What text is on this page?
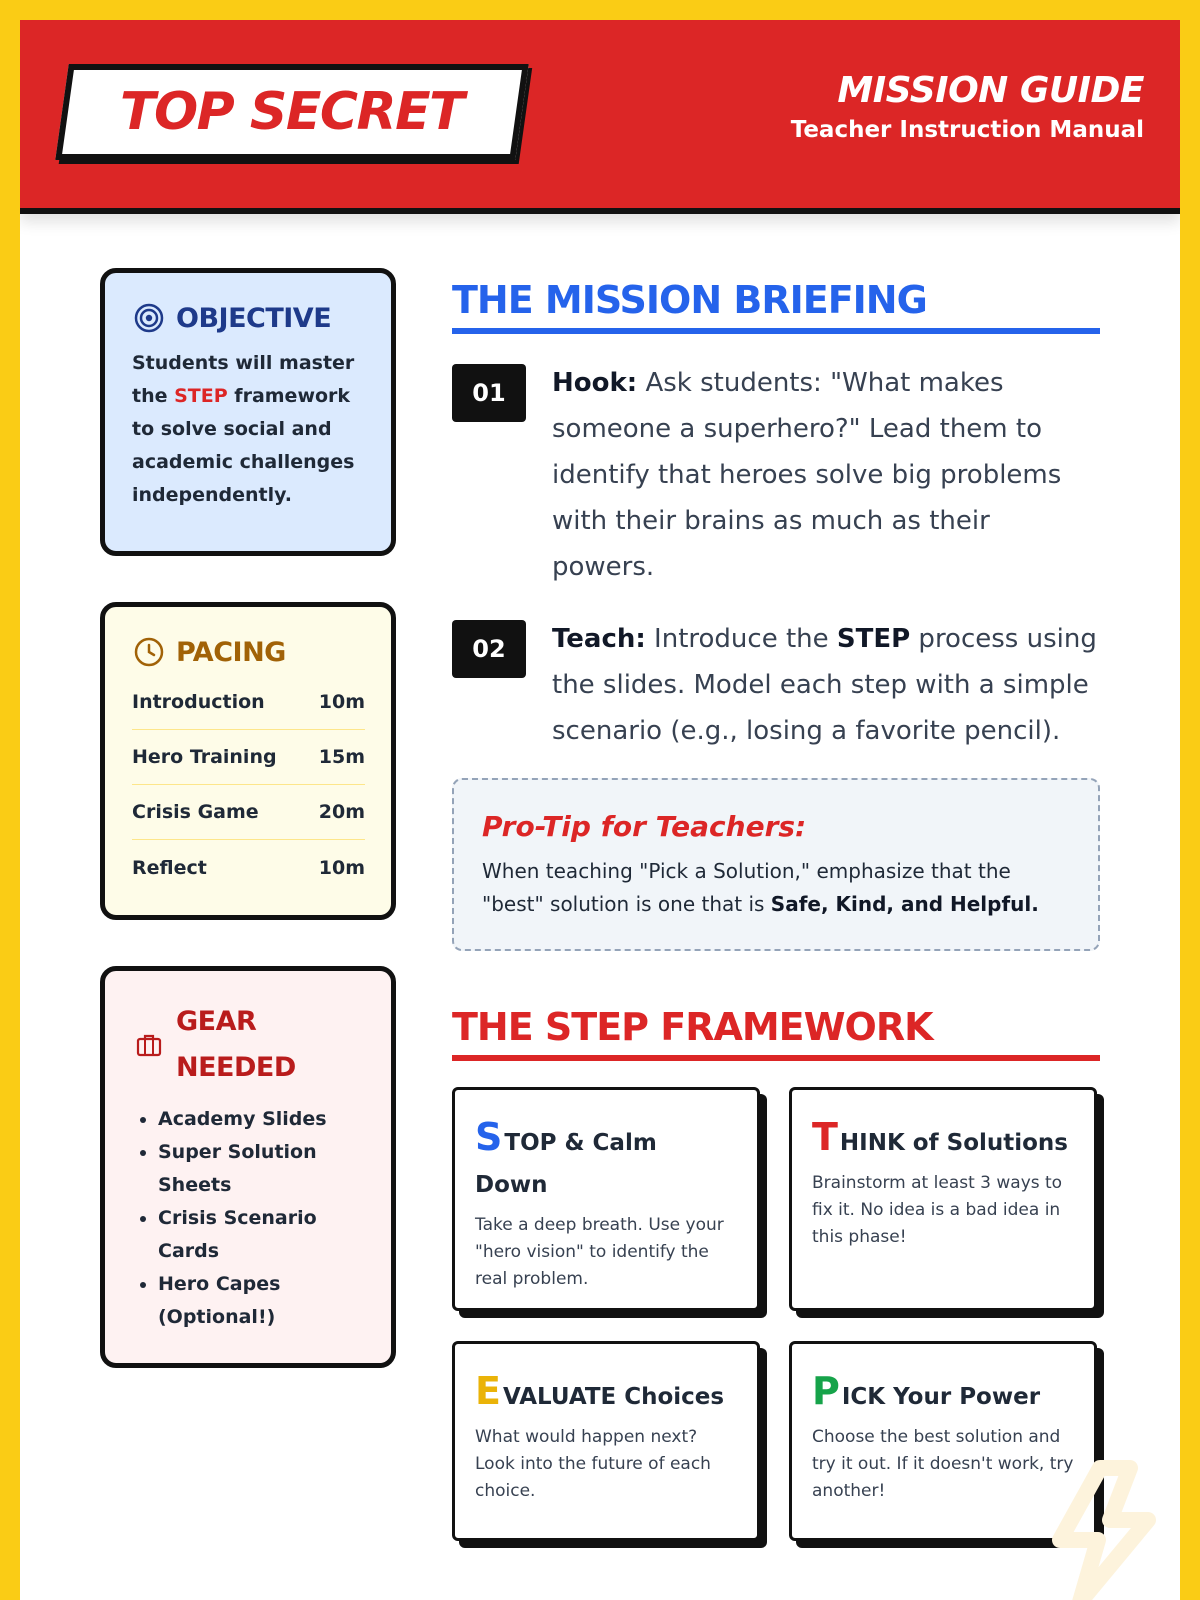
TOP SECRET	MISSION GUIDE
Teacher Instruction Manual
OBJECTIVE

Students will master the STEP framework to solve social and academic challenges independently.

PACING
Introduction	10m
Hero Training 15m
Crisis Game	20m
Reflect	10m
GEAR NEEDED
• Academy Slides
• Super Solution Sheets
• Crisis Scenario Cards
• Hero Capes (Optional!)
THE MISSION BRIEFING
01	Hook: Ask students: "What makes someone a superhero?" Lead them to identify that heroes solve big problems with their brains as much as their powers.

02	Teach: Introduce the STEP process using the slides. Model each step with a simple scenario (e.g., losing a favorite pencil).

Pro-Tip for Teachers:

When teaching "Pick a Solution," emphasize that the "best" solution is one that is Safe, Kind, and Helpful.

THE STEP FRAMEWORK
STOP & Calm Down

Take a deep breath. Use your "hero vision" to identify the real problem.

THINK of Solutions

Brainstorm at least 3 ways to fix it. No idea is a bad idea in this phase!

EVALUATE Choices

What would happen next? Look into the future of each choice.

PICK Your Power

Choose the best solution and try it out. If it doesn't work, try another!
